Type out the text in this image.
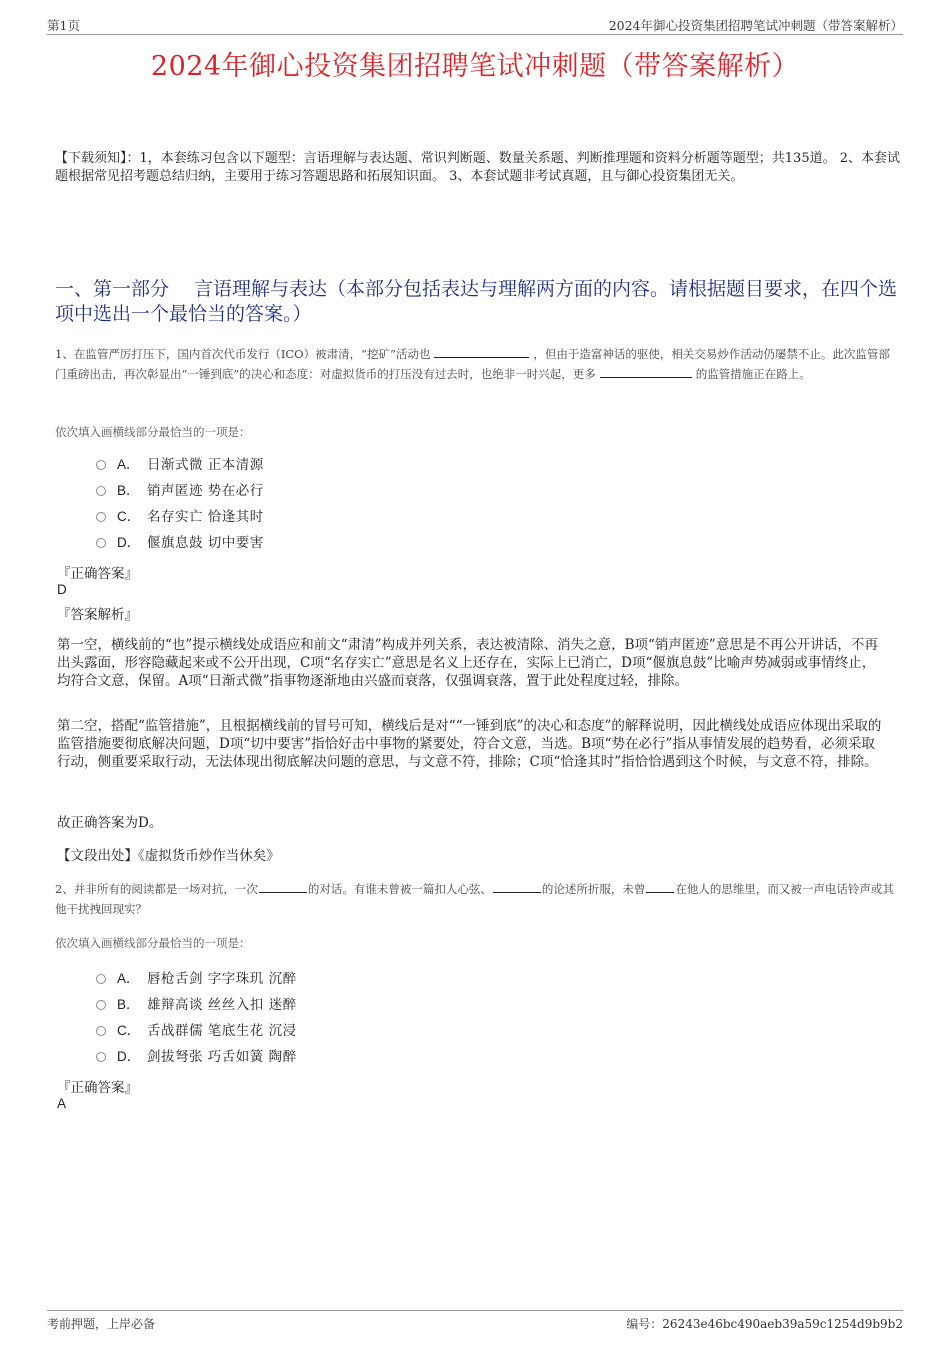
第1页	2024年御心投资集团招聘笔试冲刺题（带答案解析）
2024年御心投资集团招聘笔试冲刺题（带答案解析）
【下载须知】：1，本套练习包含以下题型：言语理解与表达题、常识判断题、数量关系题、判断推理题和资料分析题等题型；共135道。 2、本套试题根据常见招考题总结归纳，主要用于练习答题思路和拓展知识面。 3、本套试题非考试真题，且与御心投资集团无关。
一、第一部分　 言语理解与表达（本部分包括表达与理解两方面的内容。请根据题目要求，在四个选项中选出一个最恰当的答案。）
1、在监管严厉打压下，国内首次代币发行（ICO）被肃清，“挖矿”活动也	，但由于造富神话的驱使，相关交易炒作活动仍屡禁不止。此次监管部门重磅出击，再次彰显出“一锤到底”的决心和态度：对虚拟货币的打压没有过去时，也绝非一时兴起，更多	的监管措施正在路上。
依次填入画横线部分最恰当的一项是：
A． 日渐式微 正本清源
B． 销声匿迹 势在必行
C． 名存实亡 恰逢其时
D． 偃旗息鼓 切中要害
『正确答案』
D
『答案解析』
第一空，横线前的“也”提示横线处成语应和前文“肃清”构成并列关系，表达被清除、消失之意，B项“销声匿迹”意思是不再公开讲话，不再出头露面，形容隐藏起来或不公开出现，C项“名存实亡”意思是名义上还存在，实际上已消亡，D项“偃旗息鼓”比喻声势减弱或事情终止，均符合文意，保留。A项“日渐式微”指事物逐渐地由兴盛而衰落，仅强调衰落，置于此处程度过轻，排除。
第二空，搭配“监管措施”，且根据横线前的冒号可知，横线后是对““一锤到底”的决心和态度”的解释说明，因此横线处成语应体现出采取的监管措施要彻底解决问题，D项“切中要害”指恰好击中事物的紧要处，符合文意，当选。B项“势在必行”指从事情发展的趋势看，必须采取行动，侧重要采取行动，无法体现出彻底解决问题的意思，与文意不符，排除；C项“恰逢其时”指恰恰遇到这个时候，与文意不符，排除。
故正确答案为D。
【文段出处】《虚拟货币炒作当休矣》
2、并非所有的阅读都是一场对抗，一次	的对话。有谁未曾被一篇扣人心弦、	的论述所折服，未曾	在他人的思维里，而又被一声电话铃声或其他干扰拽回现实？
依次填入画横线部分最恰当的一项是：
A． 唇枪舌剑 字字珠玑 沉醉
B． 雄辩高谈 丝丝入扣 迷醉
C． 舌战群儒 笔底生花 沉浸
D． 剑拔弩张 巧舌如簧 陶醉
『正确答案』
A
考前押题，上岸必备	编号：26243e46bc490aeb39a59c1254d9b9b2
